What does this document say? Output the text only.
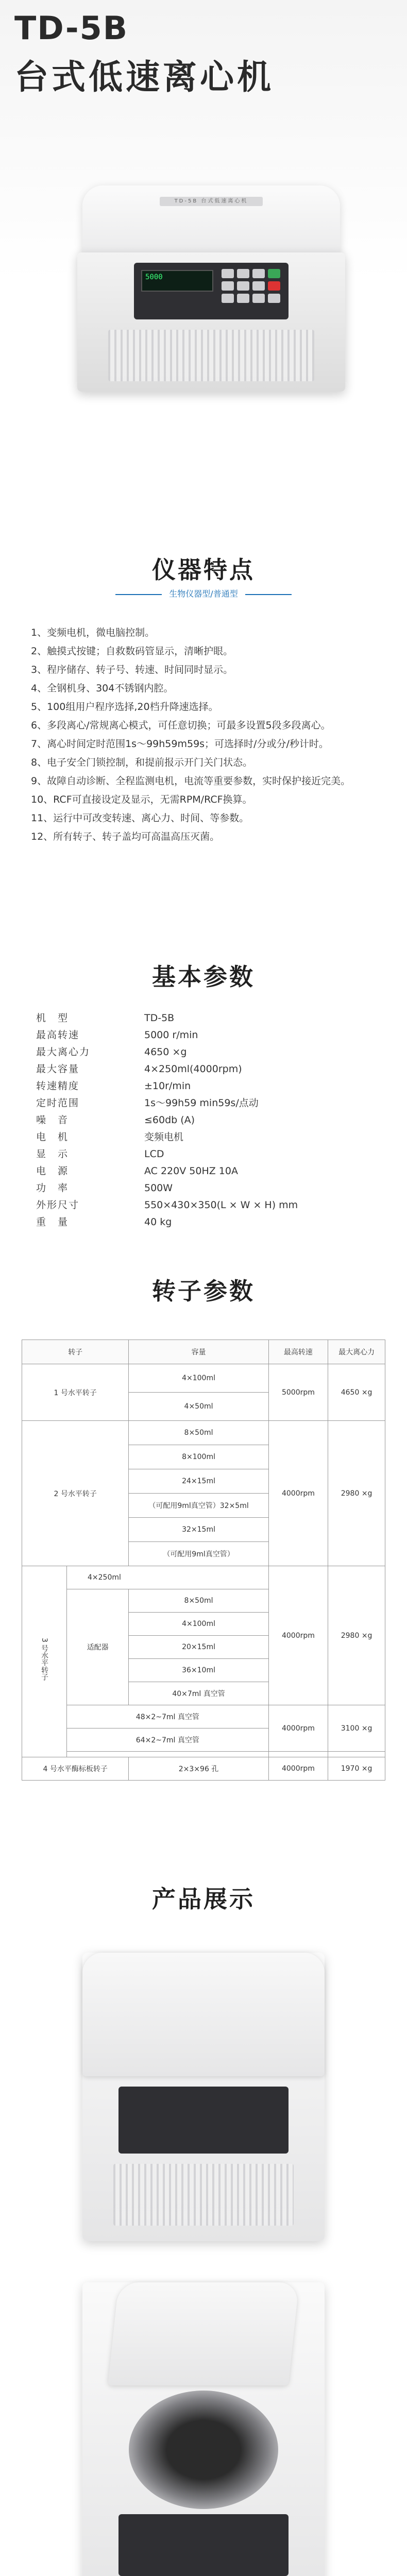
TD-5B
台式低速离心机
TD-5B 台式低速离心机
5000
仪器特点
生物仪器型/普通型
1、变频电机，微电脑控制。
2、触摸式按键；自救数码管显示，清晰护眼。
3、程序储存、转子号、转速、时间同时显示。
4、全钢机身、304不锈钢内腔。
5、100组用户程序选择,20档升降速选择。
6、多段离心/常规离心模式，可任意切换；可最多设置5段多段离心。
7、离心时间定时范围1s～99h59m59s；可选择时/分或分/秒计时。
8、电子安全门锁控制，和提前报示开门关门状态。
9、故障自动诊断、全程监测电机，电流等重要参数，实时保护接近完美。
10、RCF可直接设定及显示，无需RPM/RCF换算。
11、运行中可改变转速、离心力、时间、等参数。
12、所有转子、转子盖均可高温高压灭菌。
基本参数
机　型	TD-5B
最高转速	5000 r/min
最大离心力	4650 ×g
最大容量	4×250ml(4000rpm)
转速精度	±10r/min
定时范围	1s～99h59 min59s/点动
噪　音	≤60db (A)
电　机	变频电机
显　示	LCD
电　源	AC 220V 50HZ 10A
功　率	500W
外形尺寸	550×430×350(L × W × H) mm
重　量	40 kg
转子参数
转子		容量	最高转速	最大离心力
1 号水平转子		4×100ml	5000rpm	4650 ×g
		4×50ml		
2 号水平转子		8×50ml	4000rpm	2980 ×g
		8×100ml		
		24×15ml		
		（可配用9ml真空管）32×5ml		
		32×15ml		
		（可配用9ml真空管）		
3 号水平转子	4×250ml		4000rpm	2980 ×g
	适配器	8×50ml		
		4×100ml		
		20×15ml		
		36×10ml		
		40×7ml 真空管		
	48×2~7ml 真空管		4000rpm	3100 ×g
	64×2~7ml 真空管			

4 号水平酶标板转子		2×3×96 孔	4000rpm	1970 ×g
产品展示
